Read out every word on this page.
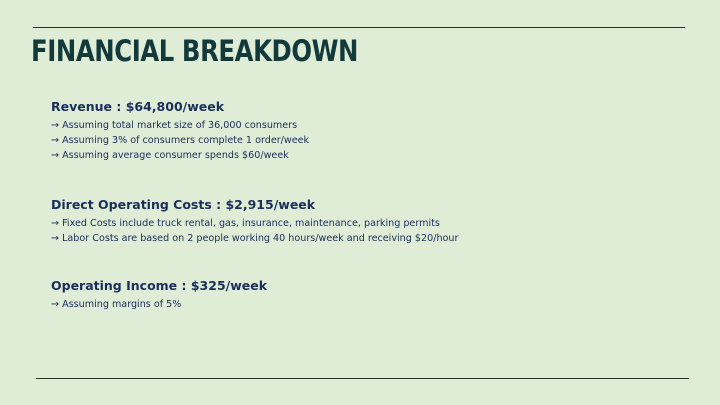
FINANCIAL BREAKDOWN

Revenue : $64,800/week

→ Assuming total market size of 36,000 consumers

→ Assuming 3% of consumers complete 1 order/week

→ Assuming average consumer spends $60/week

Direct Operating Costs : $2,915/week

→ Fixed Costs include truck rental, gas, insurance, maintenance, parking permits

→ Labor Costs are based on 2 people working 40 hours/week and receiving $20/hour

Operating Income : $325/week

→ Assuming margins of 5%
